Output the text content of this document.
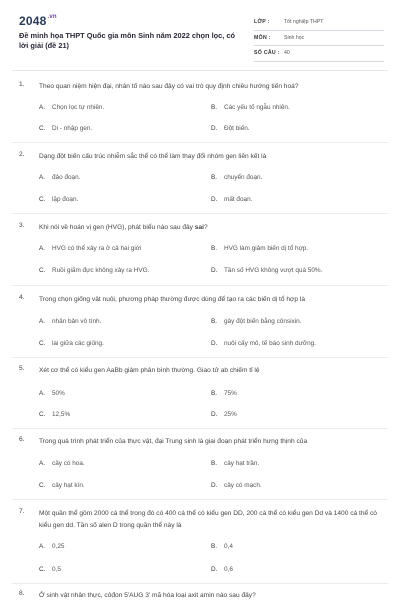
$2048^{.vn}$
Đề minh họa THPT Quốc gia môn Sinh năm 2022 chọn lọc, có lời giải (đề 21)
LỚP :	Tốt nghiệp THPT
MÔN :	Sinh học
SỐ CÂU : 40
1. Theo quan niệm hiện đại, nhân tố nào sau đây có vai trò quy định chiều hướng tiến hoá?
A. Chọn lọc tự nhiên.	B. Các yếu tố ngẫu nhiên.
C. Di - nhập gen.	D. Đột biến.
2. Dạng đột biến cấu trúc nhiễm sắc thể có thể làm thay đổi nhóm gen liên kết là
A. đảo đoạn.	B. chuyển đoạn.
C. lặp đoạn.	D. mất đoạn.
3. Khi nói về hoán vị gen (HVG), phát biểu nào sau đây sai?
A. HVG có thể xảy ra ở cả hai giới	B. HVG làm giảm biến dị tổ hợp.
C. Ruồi giấm đực không xảy ra HVG.	D. Tần số HVG không vượt quá 50%.
4. Trong chọn giống vật nuôi, phương pháp thường được dùng để tạo ra các biến dị tổ hợp là
A. nhân bản vô tính.	B. gây đột biến bằng cônsixin.
C. lai giữa các giống.	D. nuôi cấy mô, tế bào sinh dưỡng.
5. Xét cơ thể có kiểu gen AaBb giảm phân bình thường. Giao tử ab chiếm tỉ lệ
A. 50%	B. 75%
C. 12,5%	D. 25%
6. Trong quá trình phát triển của thực vật, đại Trung sinh là giai đoạn phát triển hưng thịnh của
A. cây có hoa.	B. cây hạt trần.
C. cây hạt kín.	D. cây có mạch.
7. Một quần thể gồm 2000 cá thể trong đó có 400 cá thể có kiểu gen DD, 200 cá thể có kiểu gen Dd và 1400 cá thể có kiểu gen dd. Tần số alen D trong quần thể này là
A. 0,25	B. 0,4
C. 0,5	D. 0,6
8. Ở sinh vật nhân thực, côđon 5'AUG 3' mã hóa loại axit amin nào sau đây?
